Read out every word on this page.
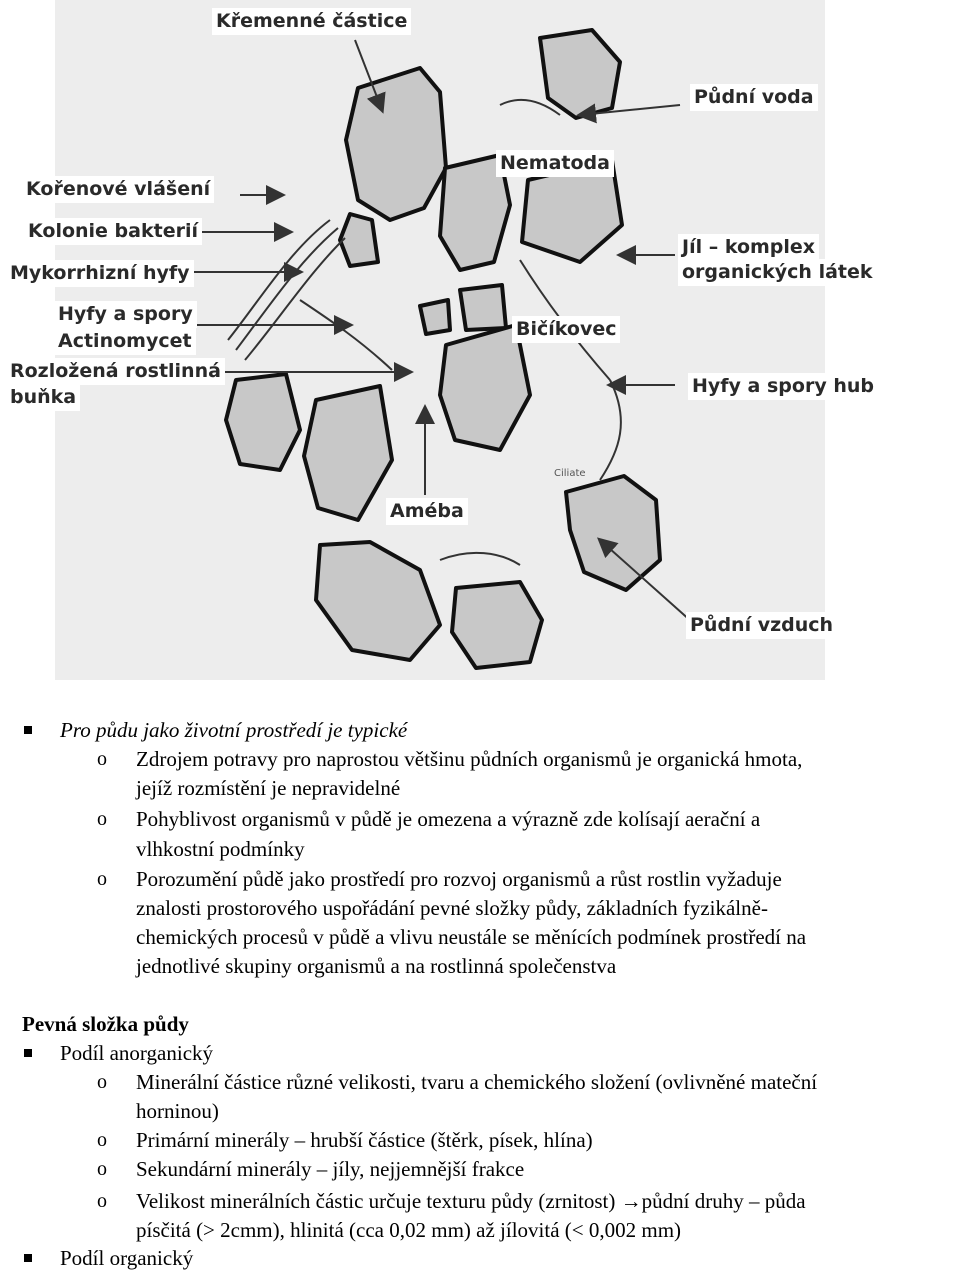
Křemenné částice
Půdní voda
Nematoda
Kořenové vlášení
Kolonie bakterií
Jíl – komplex
organických látek
Mykorrhizní hyfy
Hyfy a spory
Bičíkovec
Actinomycet
Rozložená rostlinná
Hyfy a spory hub
buňka
Ciliate
Améba
Půdní vzduch
Pro půdu jako životní prostředí je typické
o Zdrojem potravy pro naprostou většinu půdních organismů je organická hmota,
jejíž rozmístění je nepravidelné
o Pohyblivost organismů v půdě je omezena a výrazně zde kolísají aerační a
vlhkostní podmínky
o Porozumění půdě jako prostředí pro rozvoj organismů a růst rostlin vyžaduje
znalosti prostorového uspořádání pevné složky půdy, základních fyzikálně-
chemických procesů v půdě a vlivu neustále se měnících podmínek prostředí na
jednotlivé skupiny organismů a na rostlinná společenstva
Pevná složka půdy
Podíl anorganický
o Minerální částice různé velikosti, tvaru a chemického složení (ovlivněné mateční
horninou)
o Primární minerály – hrubší částice (štěrk, písek, hlína)
o Sekundární minerály – jíly, nejjemnější frakce
o Velikost minerálních částic určuje texturu půdy (zrnitost) →půdní druhy – půda
písčitá (> 2cmm), hlinitá (cca 0,02 mm) až jílovitá (< 0,002 mm)
Podíl organický
